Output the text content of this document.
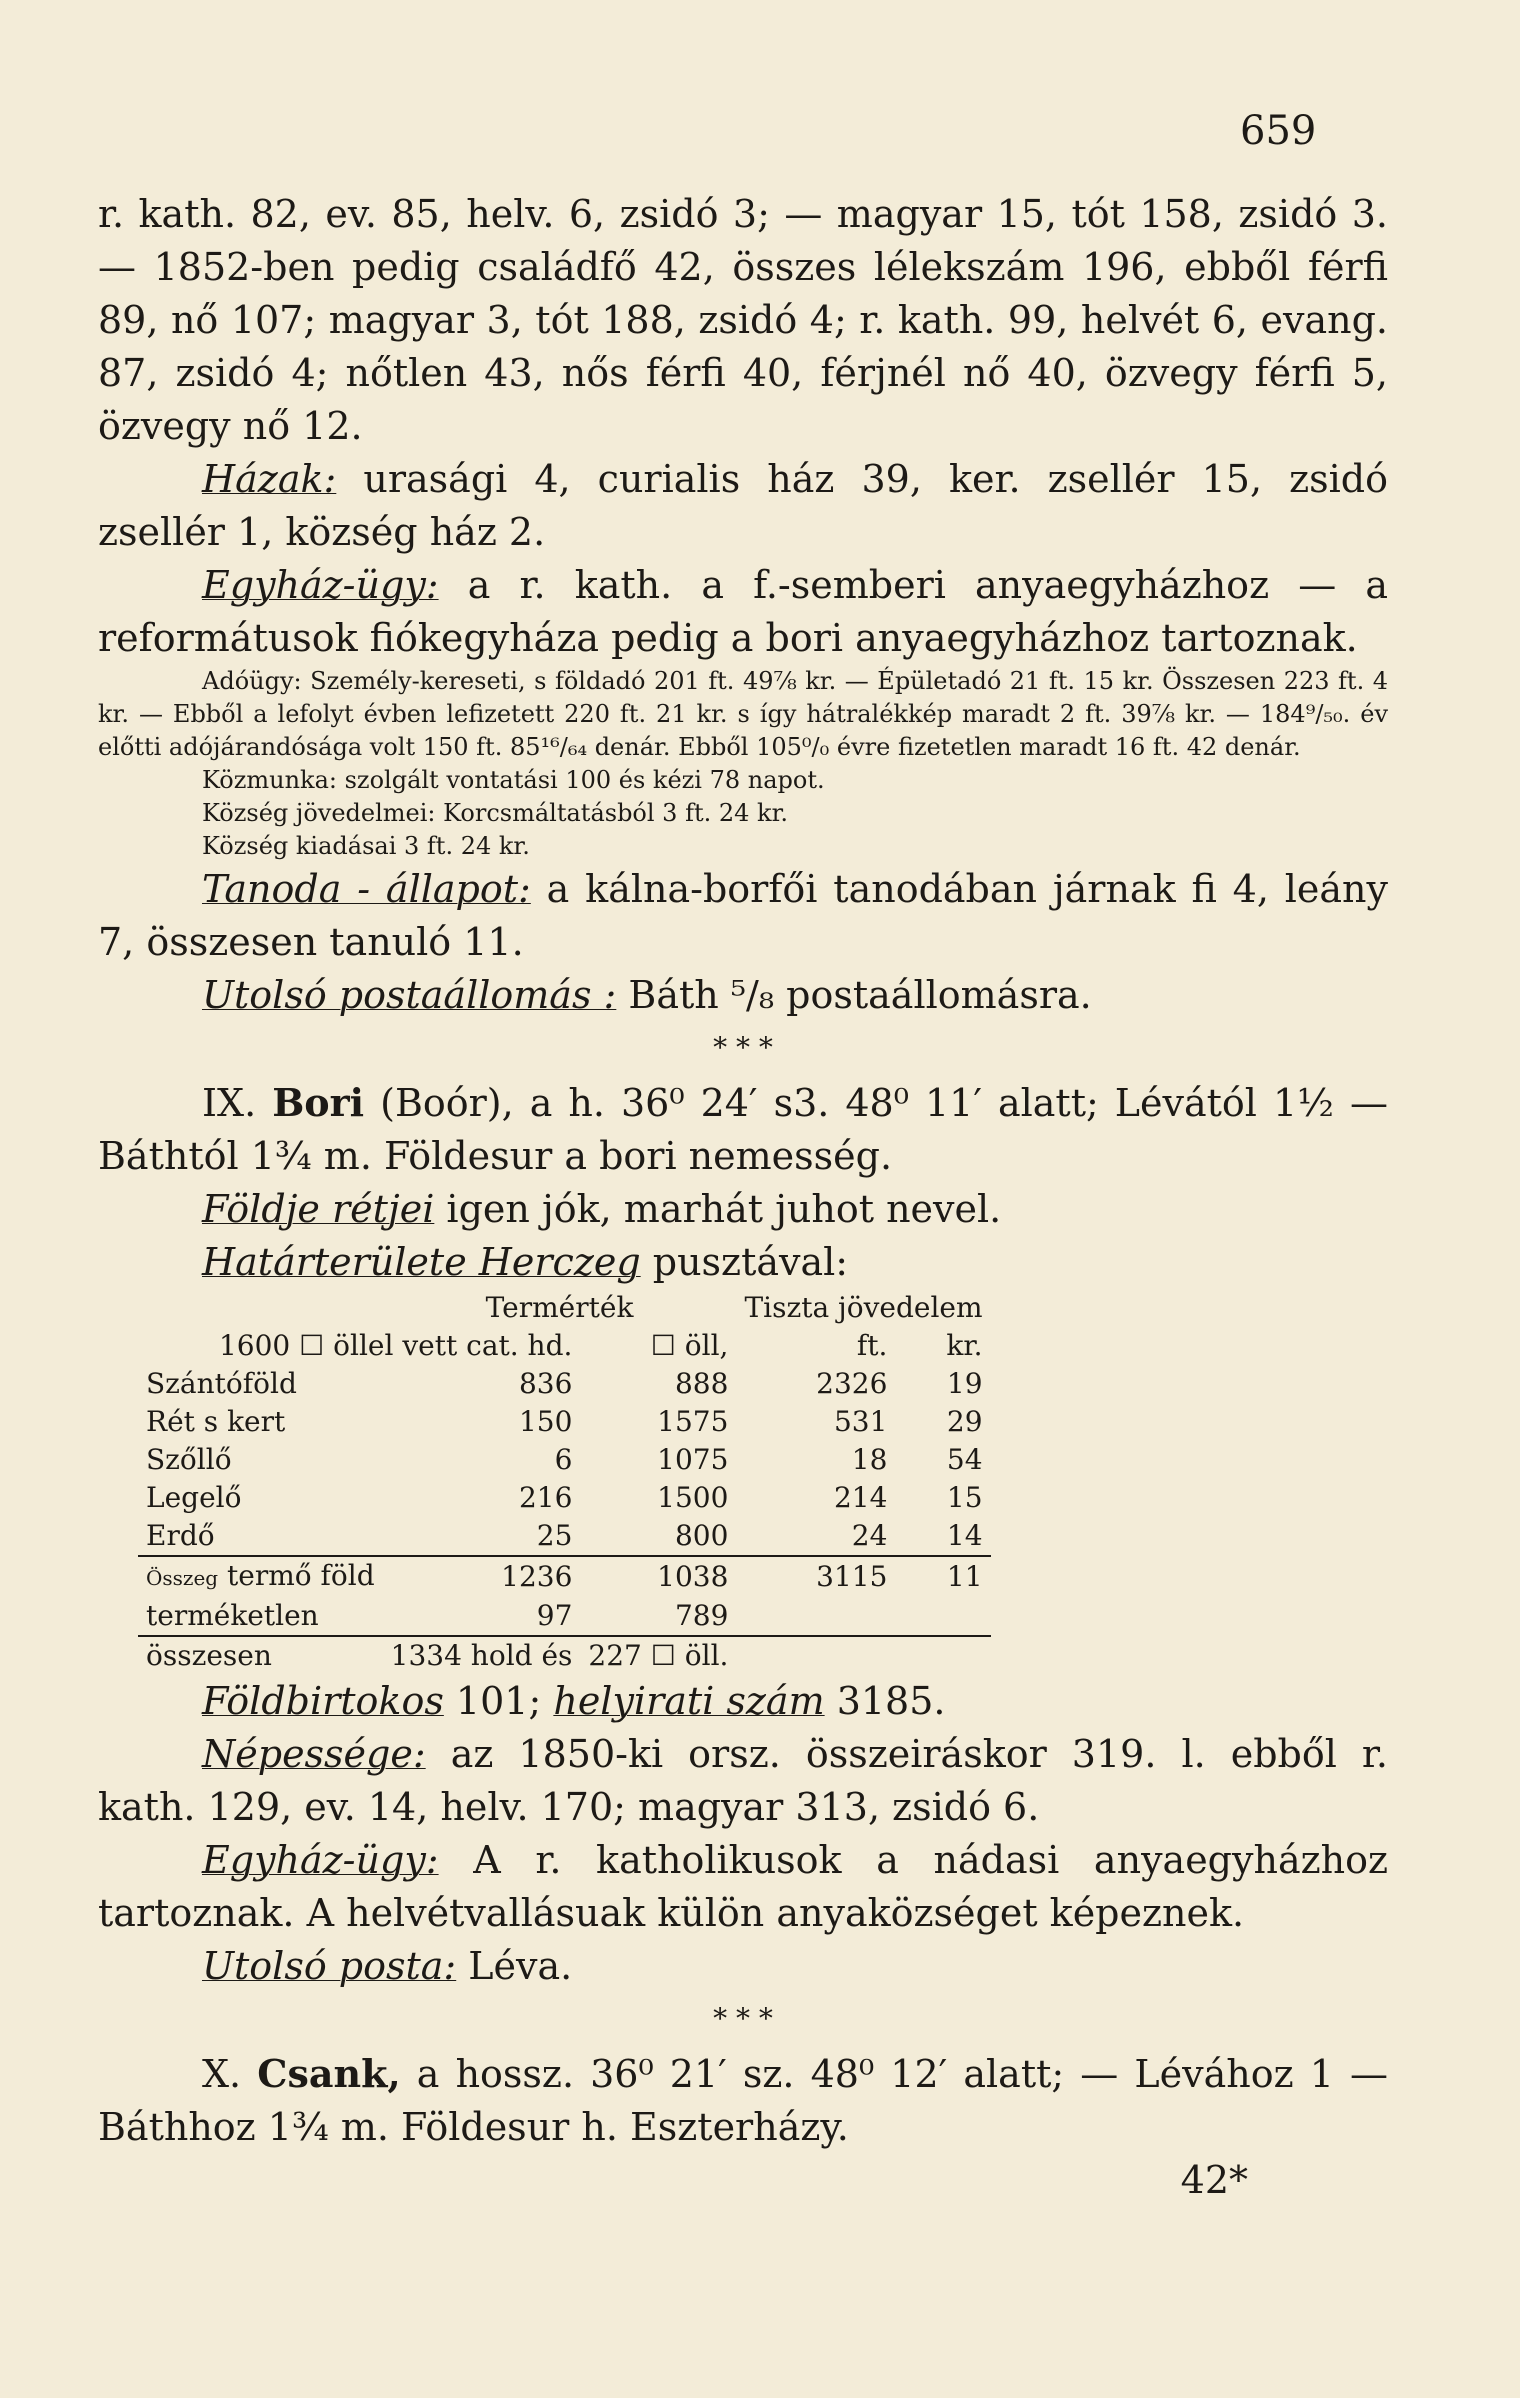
659

r. kath. 82, ev. 85, helv. 6, zsidó 3; — magyar 15, tót 158, zsidó 3. — 1852-ben pedig családfő 42, összes lélekszám 196, ebből férfi 89, nő 107; magyar 3, tót 188, zsidó 4; r. kath. 99, helvét 6, evang. 87, zsidó 4; nőtlen 43, nős férfi 40, férjnél nő 40, özvegy férfi 5, özvegy nő 12.

Házak: urasági 4, curialis ház 39, ker. zsellér 15, zsidó zsellér 1, község ház 2.

Egyház-ügy: a r. kath. a f.-semberi anyaegyházhoz — a reformátusok fiókegyháza pedig a bori anyaegyházhoz tartoznak.

Adóügy: Személy-kereseti, s földadó 201 ft. 49⅞ kr. — Épületadó 21 ft. 15 kr. Összesen 223 ft. 4 kr. — Ebből a lefolyt évben lefizetett 220 ft. 21 kr. s így hátralékkép maradt 2 ft. 39⅞ kr. — 184⁹/₅₀. év előtti adójárandósága volt 150 ft. 85¹⁶/₆₄ denár. Ebből 105⁰/₀ évre fizetetlen maradt 16 ft. 42 denár.

Közmunka: szolgált vontatási 100 és kézi 78 napot.

Község jövedelmei: Korcsmáltatásból 3 ft. 24 kr.

Község kiadásai 3 ft. 24 kr.

Tanoda - állapot: a kálna-borfői tanodában járnak fi 4, leány 7, összesen tanuló 11.

Utolsó postaállomás : Báth ⁵/₈ postaállomásra.

* * *

IX. Bori (Boór), a h. 36⁰ 24′ s3. 48⁰ 11′ alatt; Lévától 1½ — Báthtól 1¾ m. Földesur a bori nemesség.

Földje rétjei igen jók, marhát juhot nevel.

Határterülete Herczeg pusztával:

	Termérték		Tiszta jövedelem	
1600 ☐ öllel vett cat. hd.		☐ öll,	ft.	kr.
Szántóföld	836	888	2326	19
Rét s kert	150	1575	531	29
Szőllő	6	1075	18	54
Legelő	216	1500	214	15
Erdő	25	800	24	14
Összeg termő föld	1236	1038	3115	11
terméketlen	97	789		
összesen	1334 hold és	227 ☐ öll.		

Földbirtokos 101; helyirati szám 3185.

Népessége: az 1850-ki orsz. összeiráskor 319. l. ebből r. kath. 129, ev. 14, helv. 170; magyar 313, zsidó 6.

Egyház-ügy: A r. katholikusok a nádasi anyaegyházhoz tartoznak. A helvétvallásuak külön anyaközséget képeznek.

Utolsó posta: Léva.

* * *

X. Csank, a hossz. 36⁰ 21′ sz. 48⁰ 12′ alatt; — Lévához 1 — Báthhoz 1¾ m. Földesur h. Eszterházy.

42*
